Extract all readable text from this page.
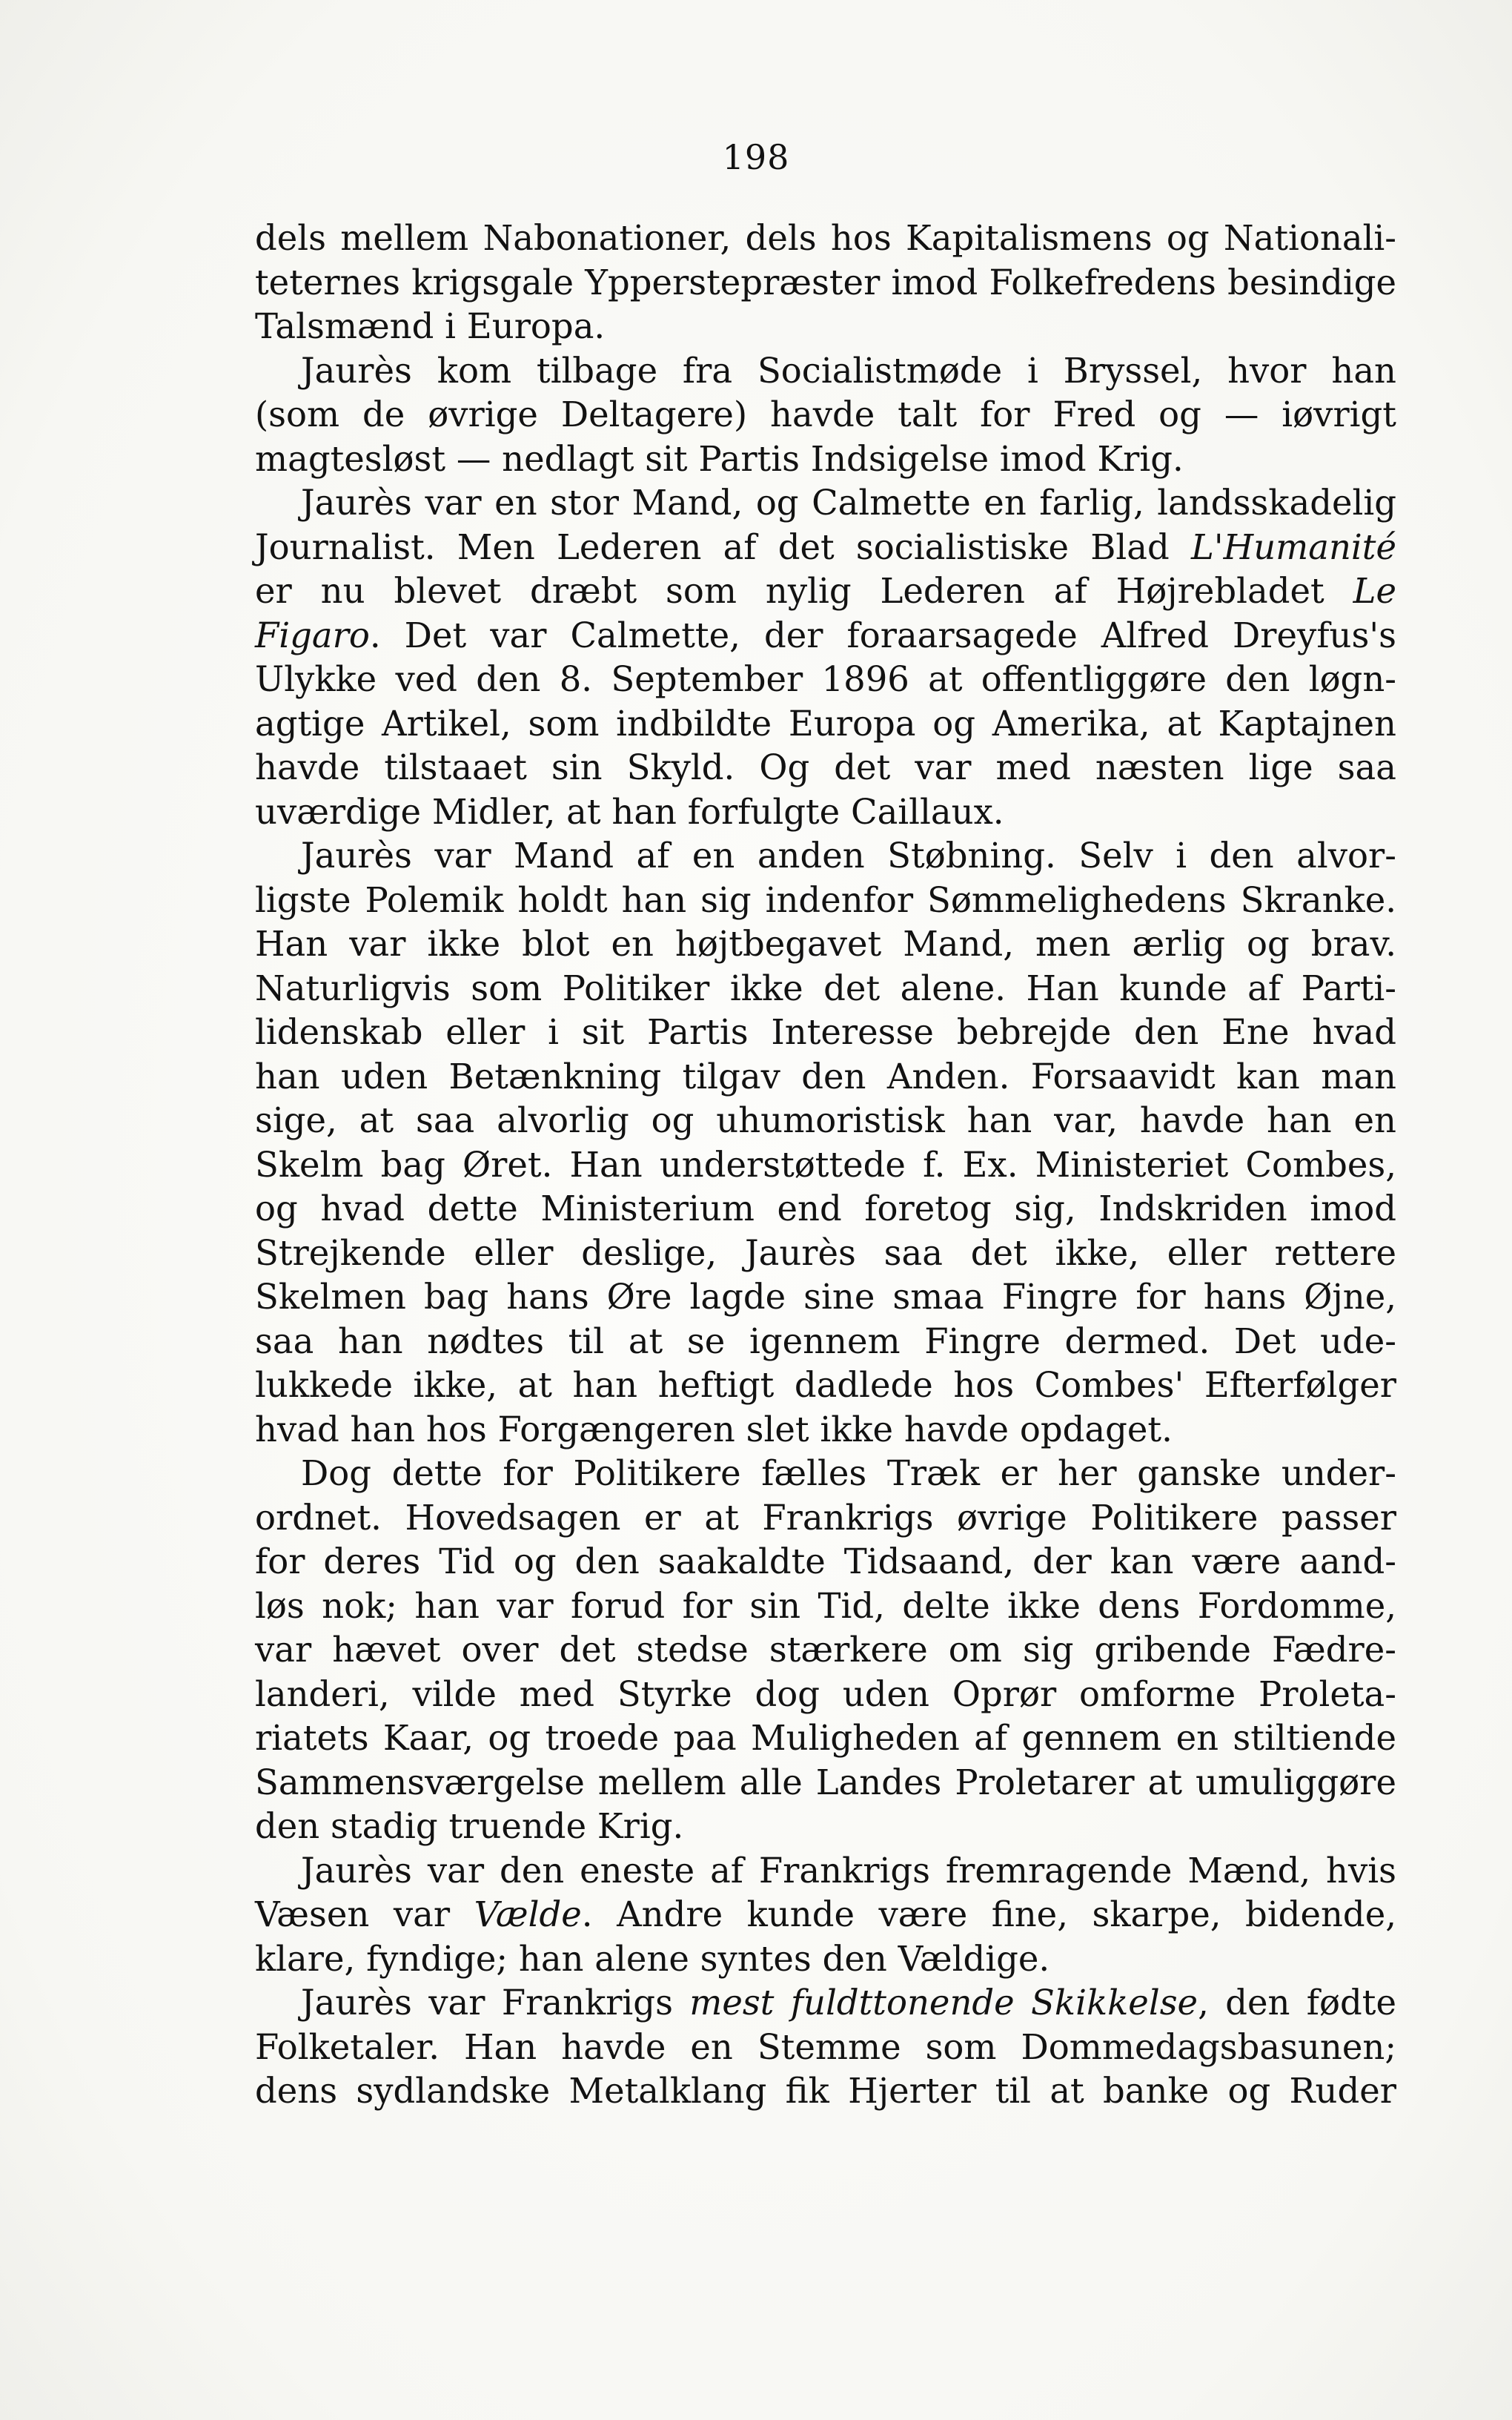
198
dels mellem Nabonationer, dels hos Kapitalismens og Nationali-
teternes krigsgale Ypperstepræster imod Folkefredens besindige
Talsmænd i Europa.
Jaurès kom tilbage fra Socialistmøde i Bryssel, hvor han
(som de øvrige Deltagere) havde talt for Fred og — iøvrigt
magtesløst — nedlagt sit Partis Indsigelse imod Krig.
Jaurès var en stor Mand, og Calmette en farlig, landsskadelig
Journalist. Men Lederen af det socialistiske Blad L'Humanité
er nu blevet dræbt som nylig Lederen af Højrebladet Le
Figaro. Det var Calmette, der foraarsagede Alfred Dreyfus's
Ulykke ved den 8. September 1896 at offentliggøre den løgn-
agtige Artikel, som indbildte Europa og Amerika, at Kaptajnen
havde tilstaaet sin Skyld. Og det var med næsten lige saa
uværdige Midler, at han forfulgte Caillaux.
Jaurès var Mand af en anden Støbning. Selv i den alvor-
ligste Polemik holdt han sig indenfor Sømmelighedens Skranke.
Han var ikke blot en højtbegavet Mand, men ærlig og brav.
Naturligvis som Politiker ikke det alene. Han kunde af Parti-
lidenskab eller i sit Partis Interesse bebrejde den Ene hvad
han uden Betænkning tilgav den Anden. Forsaavidt kan man
sige, at saa alvorlig og uhumoristisk han var, havde han en
Skelm bag Øret. Han understøttede f. Ex. Ministeriet Combes,
og hvad dette Ministerium end foretog sig, Indskriden imod
Strejkende eller deslige, Jaurès saa det ikke, eller rettere
Skelmen bag hans Øre lagde sine smaa Fingre for hans Øjne,
saa han nødtes til at se igennem Fingre dermed. Det ude-
lukkede ikke, at han heftigt dadlede hos Combes' Efterfølger
hvad han hos Forgængeren slet ikke havde opdaget.
Dog dette for Politikere fælles Træk er her ganske under-
ordnet. Hovedsagen er at Frankrigs øvrige Politikere passer
for deres Tid og den saakaldte Tidsaand, der kan være aand-
løs nok; han var forud for sin Tid, delte ikke dens Fordomme,
var hævet over det stedse stærkere om sig gribende Fædre-
landeri, vilde med Styrke dog uden Oprør omforme Proleta-
riatets Kaar, og troede paa Muligheden af gennem en stiltiende
Sammensværgelse mellem alle Landes Proletarer at umuliggøre
den stadig truende Krig.
Jaurès var den eneste af Frankrigs fremragende Mænd, hvis
Væsen var Vælde. Andre kunde være fine, skarpe, bidende,
klare, fyndige; han alene syntes den Vældige.
Jaurès var Frankrigs mest fuldttonende Skikkelse, den fødte
Folketaler. Han havde en Stemme som Dommedagsbasunen;
dens sydlandske Metalklang fik Hjerter til at banke og Ruder
